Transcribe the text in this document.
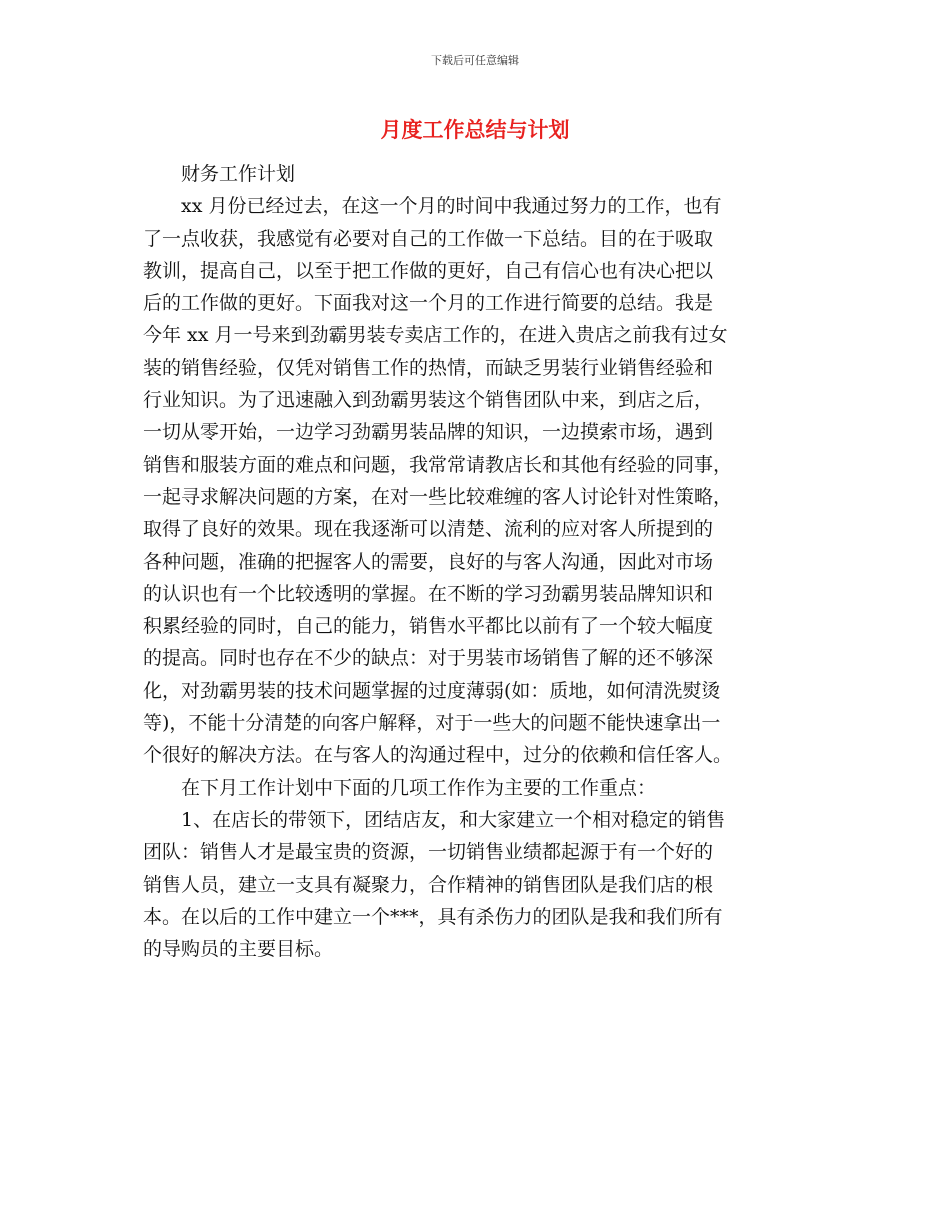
下载后可任意编辑
月度工作总结与计划

财务工作计划

xx 月份已经过去，在这一个月的时间中我通过努力的工作，也有
了一点收获，我感觉有必要对自己的工作做一下总结。目的在于吸取
教训，提高自己，以至于把工作做的更好，自己有信心也有决心把以
后的工作做的更好。下面我对这一个月的工作进行简要的总结。我是
今年 xx 月一号来到劲霸男装专卖店工作的，在进入贵店之前我有过女
装的销售经验，仅凭对销售工作的热情，而缺乏男装行业销售经验和
行业知识。为了迅速融入到劲霸男装这个销售团队中来，到店之后，
一切从零开始，一边学习劲霸男装品牌的知识，一边摸索市场，遇到
销售和服装方面的难点和问题，我常常请教店长和其他有经验的同事，
一起寻求解决问题的方案，在对一些比较难缠的客人讨论针对性策略，
取得了良好的效果。现在我逐渐可以清楚、流利的应对客人所提到的
各种问题，准确的把握客人的需要，良好的与客人沟通，因此对市场
的认识也有一个比较透明的掌握。在不断的学习劲霸男装品牌知识和
积累经验的同时，自己的能力，销售水平都比以前有了一个较大幅度
的提高。同时也存在不少的缺点：对于男装市场销售了解的还不够深
化，对劲霸男装的技术问题掌握的过度薄弱(如：质地，如何清洗熨烫
等)，不能十分清楚的向客户解释，对于一些大的问题不能快速拿出一
个很好的解决方法。在与客人的沟通过程中，过分的依赖和信任客人。

在下月工作计划中下面的几项工作作为主要的工作重点：

1、在店长的带领下，团结店友，和大家建立一个相对稳定的销售
团队：销售人才是最宝贵的资源，一切销售业绩都起源于有一个好的
销售人员，建立一支具有凝聚力，合作精神的销售团队是我们店的根
本。在以后的工作中建立一个***，具有杀伤力的团队是我和我们所有
的导购员的主要目标。
